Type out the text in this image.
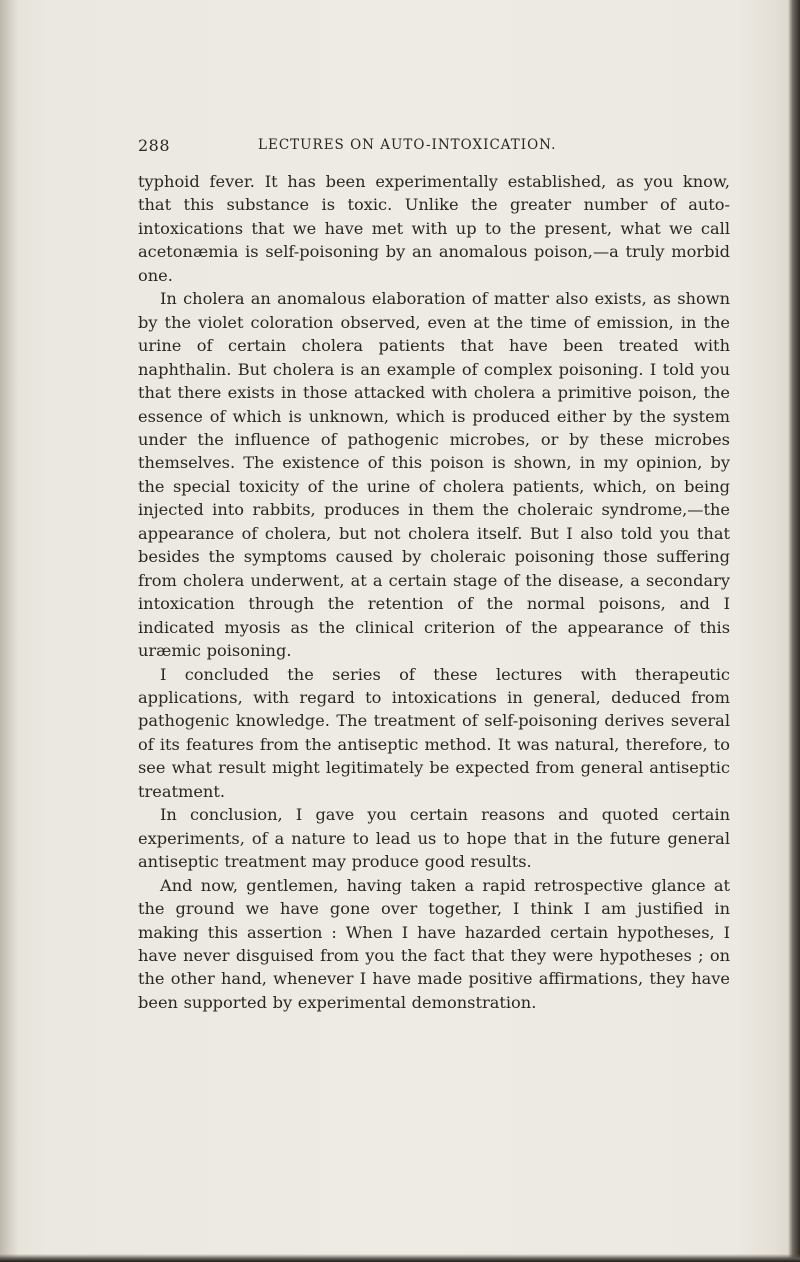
288	LECTURES ON AUTO-INTOXICATION.

typhoid fever. It has been experimentally established, as you know, that this substance is toxic. Unlike the greater number of auto-intoxications that we have met with up to the present, what we call acetonæmia is self-poisoning by an anomalous poison,—a truly morbid one.

In cholera an anomalous elaboration of matter also exists, as shown by the violet coloration observed, even at the time of emission, in the urine of certain cholera patients that have been treated with naphthalin. But cholera is an example of complex poisoning. I told you that there exists in those attacked with cholera a primitive poison, the essence of which is unknown, which is produced either by the system under the influence of pathogenic microbes, or by these microbes themselves. The existence of this poison is shown, in my opinion, by the special toxicity of the urine of cholera patients, which, on being injected into rabbits, produces in them the choleraic syndrome,—the appearance of cholera, but not cholera itself. But I also told you that besides the symptoms caused by choleraic poisoning those suffering from cholera underwent, at a certain stage of the disease, a secondary intoxication through the retention of the normal poisons, and I indicated myosis as the clinical criterion of the appearance of this uræmic poisoning.

I concluded the series of these lectures with therapeutic applications, with regard to intoxications in general, deduced from pathogenic knowledge. The treatment of self-poisoning derives several of its features from the antiseptic method. It was natural, therefore, to see what result might legitimately be expected from general antiseptic treatment.

In conclusion, I gave you certain reasons and quoted certain experiments, of a nature to lead us to hope that in the future general antiseptic treatment may produce good results.

And now, gentlemen, having taken a rapid retrospective glance at the ground we have gone over together, I think I am justified in making this assertion : When I have hazarded certain hypotheses, I have never disguised from you the fact that they were hypotheses ; on the other hand, whenever I have made positive affirmations, they have been supported by experimental demonstration.
